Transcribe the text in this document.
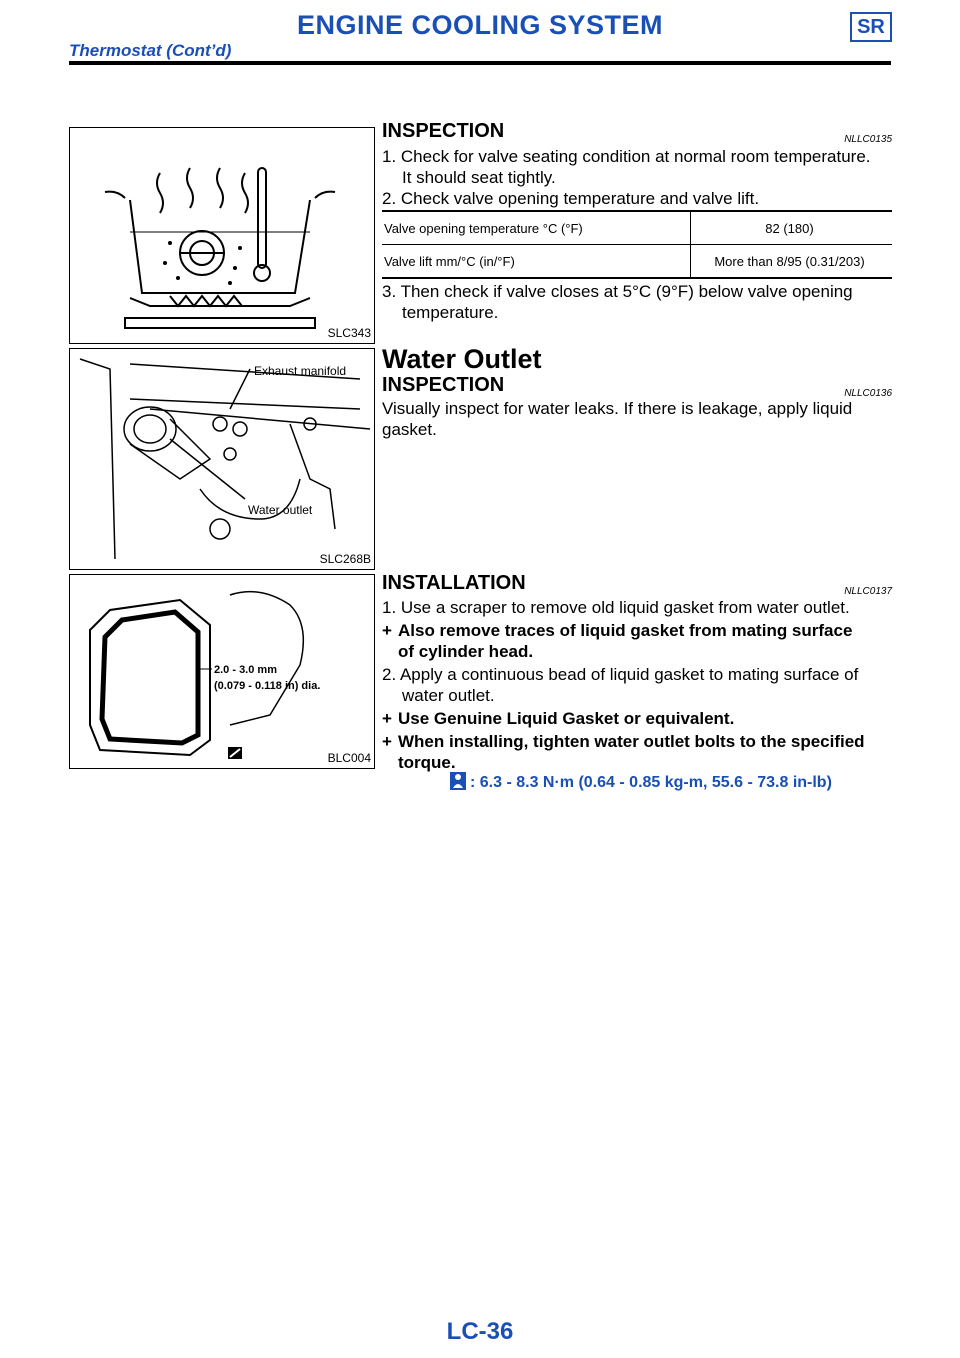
ENGINE COOLING SYSTEM	SR
Thermostat (Cont’d)
SLC343
Exhaust manifold
Water outlet
SLC268B
2.0 - 3.0 mm
(0.079 - 0.118 in) dia.
BLC004
INSPECTION	NLLC0135
1. Check for valve seating condition at normal room temperature.
It should seat tightly.
2. Check valve opening temperature and valve lift.
Valve opening temperature °C (°F)	82 (180)
Valve lift mm/°C (in/°F)	More than 8/95 (0.31/203)
3. Then check if valve closes at 5°C (9°F) below valve opening
temperature.
Water Outlet
INSPECTION	NLLC0136
Visually inspect for water leaks. If there is leakage, apply liquid
gasket.
INSTALLATION	NLLC0137
1. Use a scraper to remove old liquid gasket from water outlet.
+ Also remove traces of liquid gasket from mating surface
of cylinder head.
2. Apply a continuous bead of liquid gasket to mating surface of
water outlet.
+ Use Genuine Liquid Gasket or equivalent.
+ When installing, tighten water outlet bolts to the specified
torque.
: 6.3 - 8.3 N·m (0.64 - 0.85 kg-m, 55.6 - 73.8 in-lb)
LC-36
